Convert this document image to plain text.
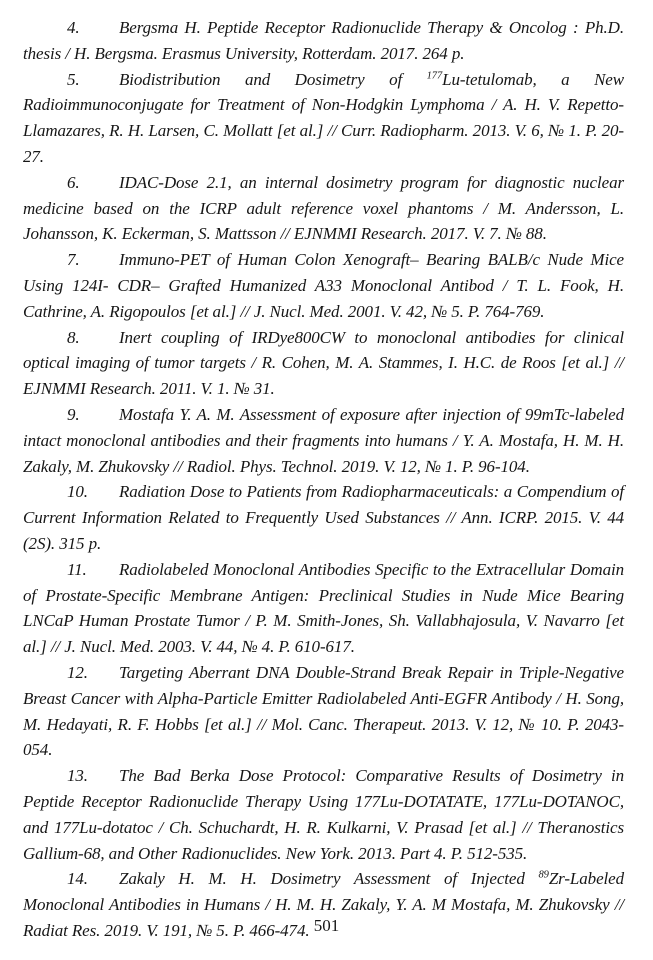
4. Bergsma H. Peptide Receptor Radionuclide Therapy & Oncolog : Ph.D. thesis / H. Bergsma. Erasmus University, Rotterdam. 2017. 264 p.

5. Biodistribution and Dosimetry of $^{177}$Lu-tetulomab, a New Radioimmunoconjugate for Treatment of Non-Hodgkin Lymphoma / A. H. V. Repetto-Llamazares, R. H. Larsen, C. Mollatt [et al.] // Curr. Radiopharm. 2013. V. 6, № 1. P. 20-27.

6. IDAC-Dose 2.1, an internal dosimetry program for diagnostic nuclear medicine based on the ICRP adult reference voxel phantoms / M. Andersson, L. Johansson, K. Eckerman, S. Mattsson // EJNMMI Research. 2017. V. 7. № 88.

7. Immuno-PET of Human Colon Xenograft– Bearing BALB/c Nude Mice Using 124I- CDR– Grafted Humanized A33 Monoclonal Antibod / T. L. Fook, H. Cathrine, A. Rigopoulos [et al.] // J. Nucl. Med. 2001. V. 42, № 5. P. 764-769.

8. Inert coupling of IRDye800CW to monoclonal antibodies for clinical optical imaging of tumor targets / R. Cohen, M. A. Stammes, I. H.C. de Roos [et al.] // EJNMMI Research. 2011. V. 1. № 31.

9. Mostafa Y. A. M. Assessment of exposure after injection of 99mTc-labeled intact monoclonal antibodies and their fragments into humans / Y. A. Mostafa, H. M. H. Zakaly, M. Zhukovsky // Radiol. Phys. Technol. 2019. V. 12, № 1. P. 96-104.

10. Radiation Dose to Patients from Radiopharmaceuticals: a Compendium of Current Information Related to Frequently Used Substances // Ann. ICRP. 2015. V. 44 (2S). 315 p.

11. Radiolabeled Monoclonal Antibodies Specific to the Extracellular Domain of Prostate-Specific Membrane Antigen: Preclinical Studies in Nude Mice Bearing LNCaP Human Prostate Tumor / P. M. Smith-Jones, Sh. Vallabhajosula, V. Navarro [et al.] // J. Nucl. Med. 2003. V. 44, № 4. P. 610-617.

12. Targeting Aberrant DNA Double-Strand Break Repair in Triple-Negative Breast Cancer with Alpha-Particle Emitter Radiolabeled Anti-EGFR Antibody / H. Song, M. Hedayati, R. F. Hobbs [et al.] // Mol. Canc. Therapeut. 2013. V. 12, № 10. P. 2043-054.

13. The Bad Berka Dose Protocol: Comparative Results of Dosimetry in Peptide Receptor Radionuclide Therapy Using 177Lu-DOTATATE, 177Lu-DOTANOC, and 177Lu-dotatoc / Ch. Schuchardt, H. R. Kulkarni, V. Prasad [et al.] // Theranostics Gallium-68, and Other Radionuclides. New York. 2013. Part 4. P. 512-535.

14. Zakaly H. M. H. Dosimetry Assessment of Injected $^{89}$Zr-Labeled Monoclonal Antibodies in Humans / H. M. H. Zakaly, Y. A. M Mostafa, M. Zhukovsky // Radiat Res. 2019. V. 191, № 5. P. 466-474. 501
